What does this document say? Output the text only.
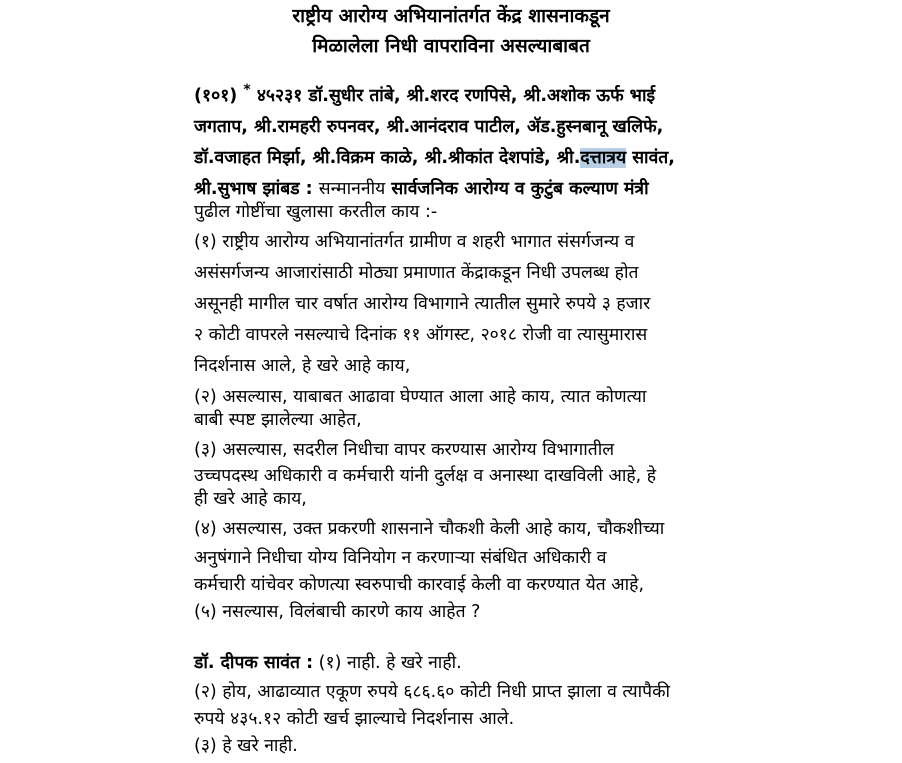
राष्ट्रीय आरोग्य अभियानांतर्गत केंद्र शासनाकडून
मिळालेला निधी वापराविना असल्याबाबत
(१०१) * ४५२३१ डॉ.सुधीर तांबे, श्री.शरद रणपिसे, श्री.अशोक ऊर्फ भाई
जगताप, श्री.रामहरी रुपनवर, श्री.आनंदराव पाटील, ॲड.हुस्नबानू खलिफे,
डॉ.वजाहत मिर्झा, श्री.विक्रम काळे, श्री.श्रीकांत देशपांडे, श्री.दत्तात्रय सावंत,
श्री.सुभाष झांबड : सन्माननीय सार्वजनिक आरोग्य व कुटुंब कल्याण मंत्री
पुढील गोष्टींचा खुलासा करतील काय :-
(१) राष्ट्रीय आरोग्य अभियानांतर्गत ग्रामीण व शहरी भागात संसर्गजन्य व
असंसर्गजन्य आजारांसाठी मोठ्या प्रमाणात केंद्राकडून निधी उपलब्ध होत
असूनही मागील चार वर्षात आरोग्य विभागाने त्यातील सुमारे रुपये ३ हजार
२ कोटी वापरले नसल्याचे दिनांक ११ ऑगस्ट, २०१८ रोजी वा त्यासुमारास
निदर्शनास आले, हे खरे आहे काय,
(२) असल्यास, याबाबत आढावा घेण्यात आला आहे काय, त्यात कोणत्या
बाबी स्पष्ट झालेल्या आहेत,
(३) असल्यास, सदरील निधीचा वापर करण्यास आरोग्य विभागातील
उच्चपदस्थ अधिकारी व कर्मचारी यांनी दुर्लक्ष व अनास्था दाखविली आहे, हे
ही खरे आहे काय,
(४) असल्यास, उक्त प्रकरणी शासनाने चौकशी केली आहे काय, चौकशीच्या
अनुषंगाने निधीचा योग्य विनियोग न करणाऱ्या संबंधित अधिकारी व
कर्मचारी यांचेवर कोणत्या स्वरुपाची कारवाई केली वा करण्यात येत आहे,
(५) नसल्यास, विलंबाची कारणे काय आहेत ?
डॉ. दीपक सावंत : (१) नाही. हे खरे नाही.
(२) होय, आढाव्यात एकूण रुपये ६८६.६० कोटी निधी प्राप्त झाला व त्यापैकी
रुपये ४३५.१२ कोटी खर्च झाल्याचे निदर्शनास आले.
(३) हे खरे नाही.
